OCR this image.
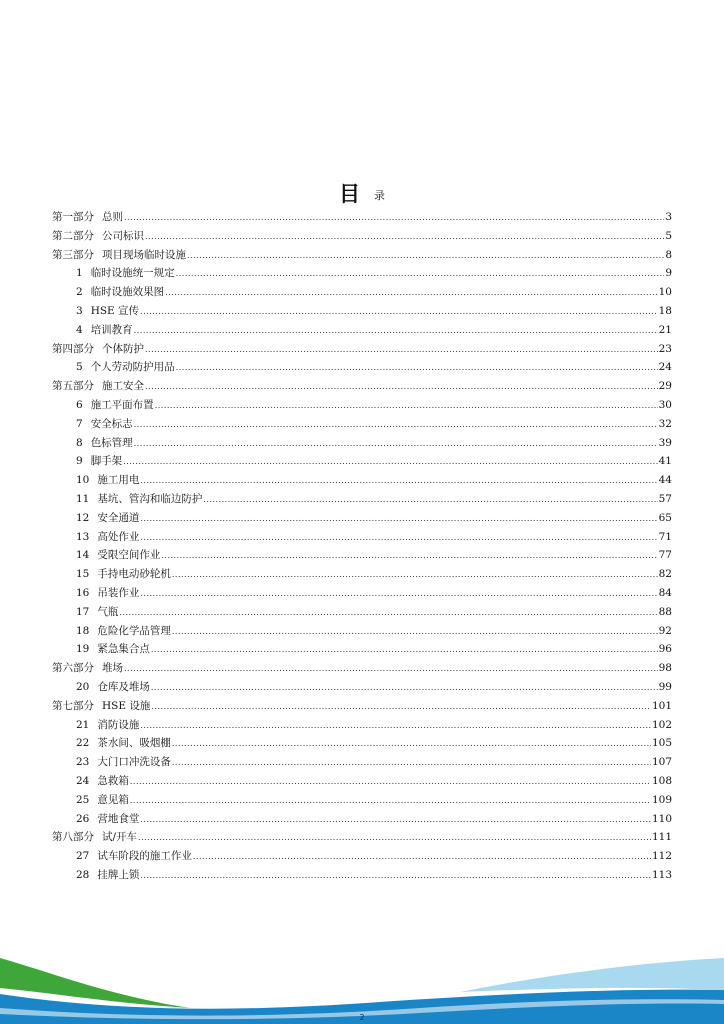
目 录
第一部分 总则 .....	3
第二部分 公司标识 .....	5
第三部分 项目现场临时设施 .....	8
1 临时设施统一规定 .....	9
2 临时设施效果图 .....	10
3 HSE 宣传 .....	18
4 培训教育 .....	21
第四部分 个体防护 .....	23
5 个人劳动防护用品 .....	24
第五部分 施工安全 .....	29
6 施工平面布置 .....	30
7 安全标志 .....	32
8 色标管理 .....	39
9 脚手架 .....	41
10 施工用电 .....	44
11 基坑、管沟和临边防护 .....	57
12 安全通道 .....	65
13 高处作业 .....	71
14 受限空间作业 .....	77
15 手持电动砂轮机 .....	82
16 吊装作业 .....	84
17 气瓶 .....	88
18 危险化学品管理 .....	92
19 紧急集合点 .....	96
第六部分 堆场 .....	98
20 仓库及堆场 .....	99
第七部分 HSE 设施 .....	101
21 消防设施 .....	102
22 茶水间、吸烟棚 .....	105
23 大门口冲洗设备 .....	107
24 急救箱 .....	108
25 意见箱 .....	109
26 营地食堂 .....	110
第八部分 试/开车 .....	111
27 试车阶段的施工作业 .....	112
28 挂牌上锁 .....	113
2
